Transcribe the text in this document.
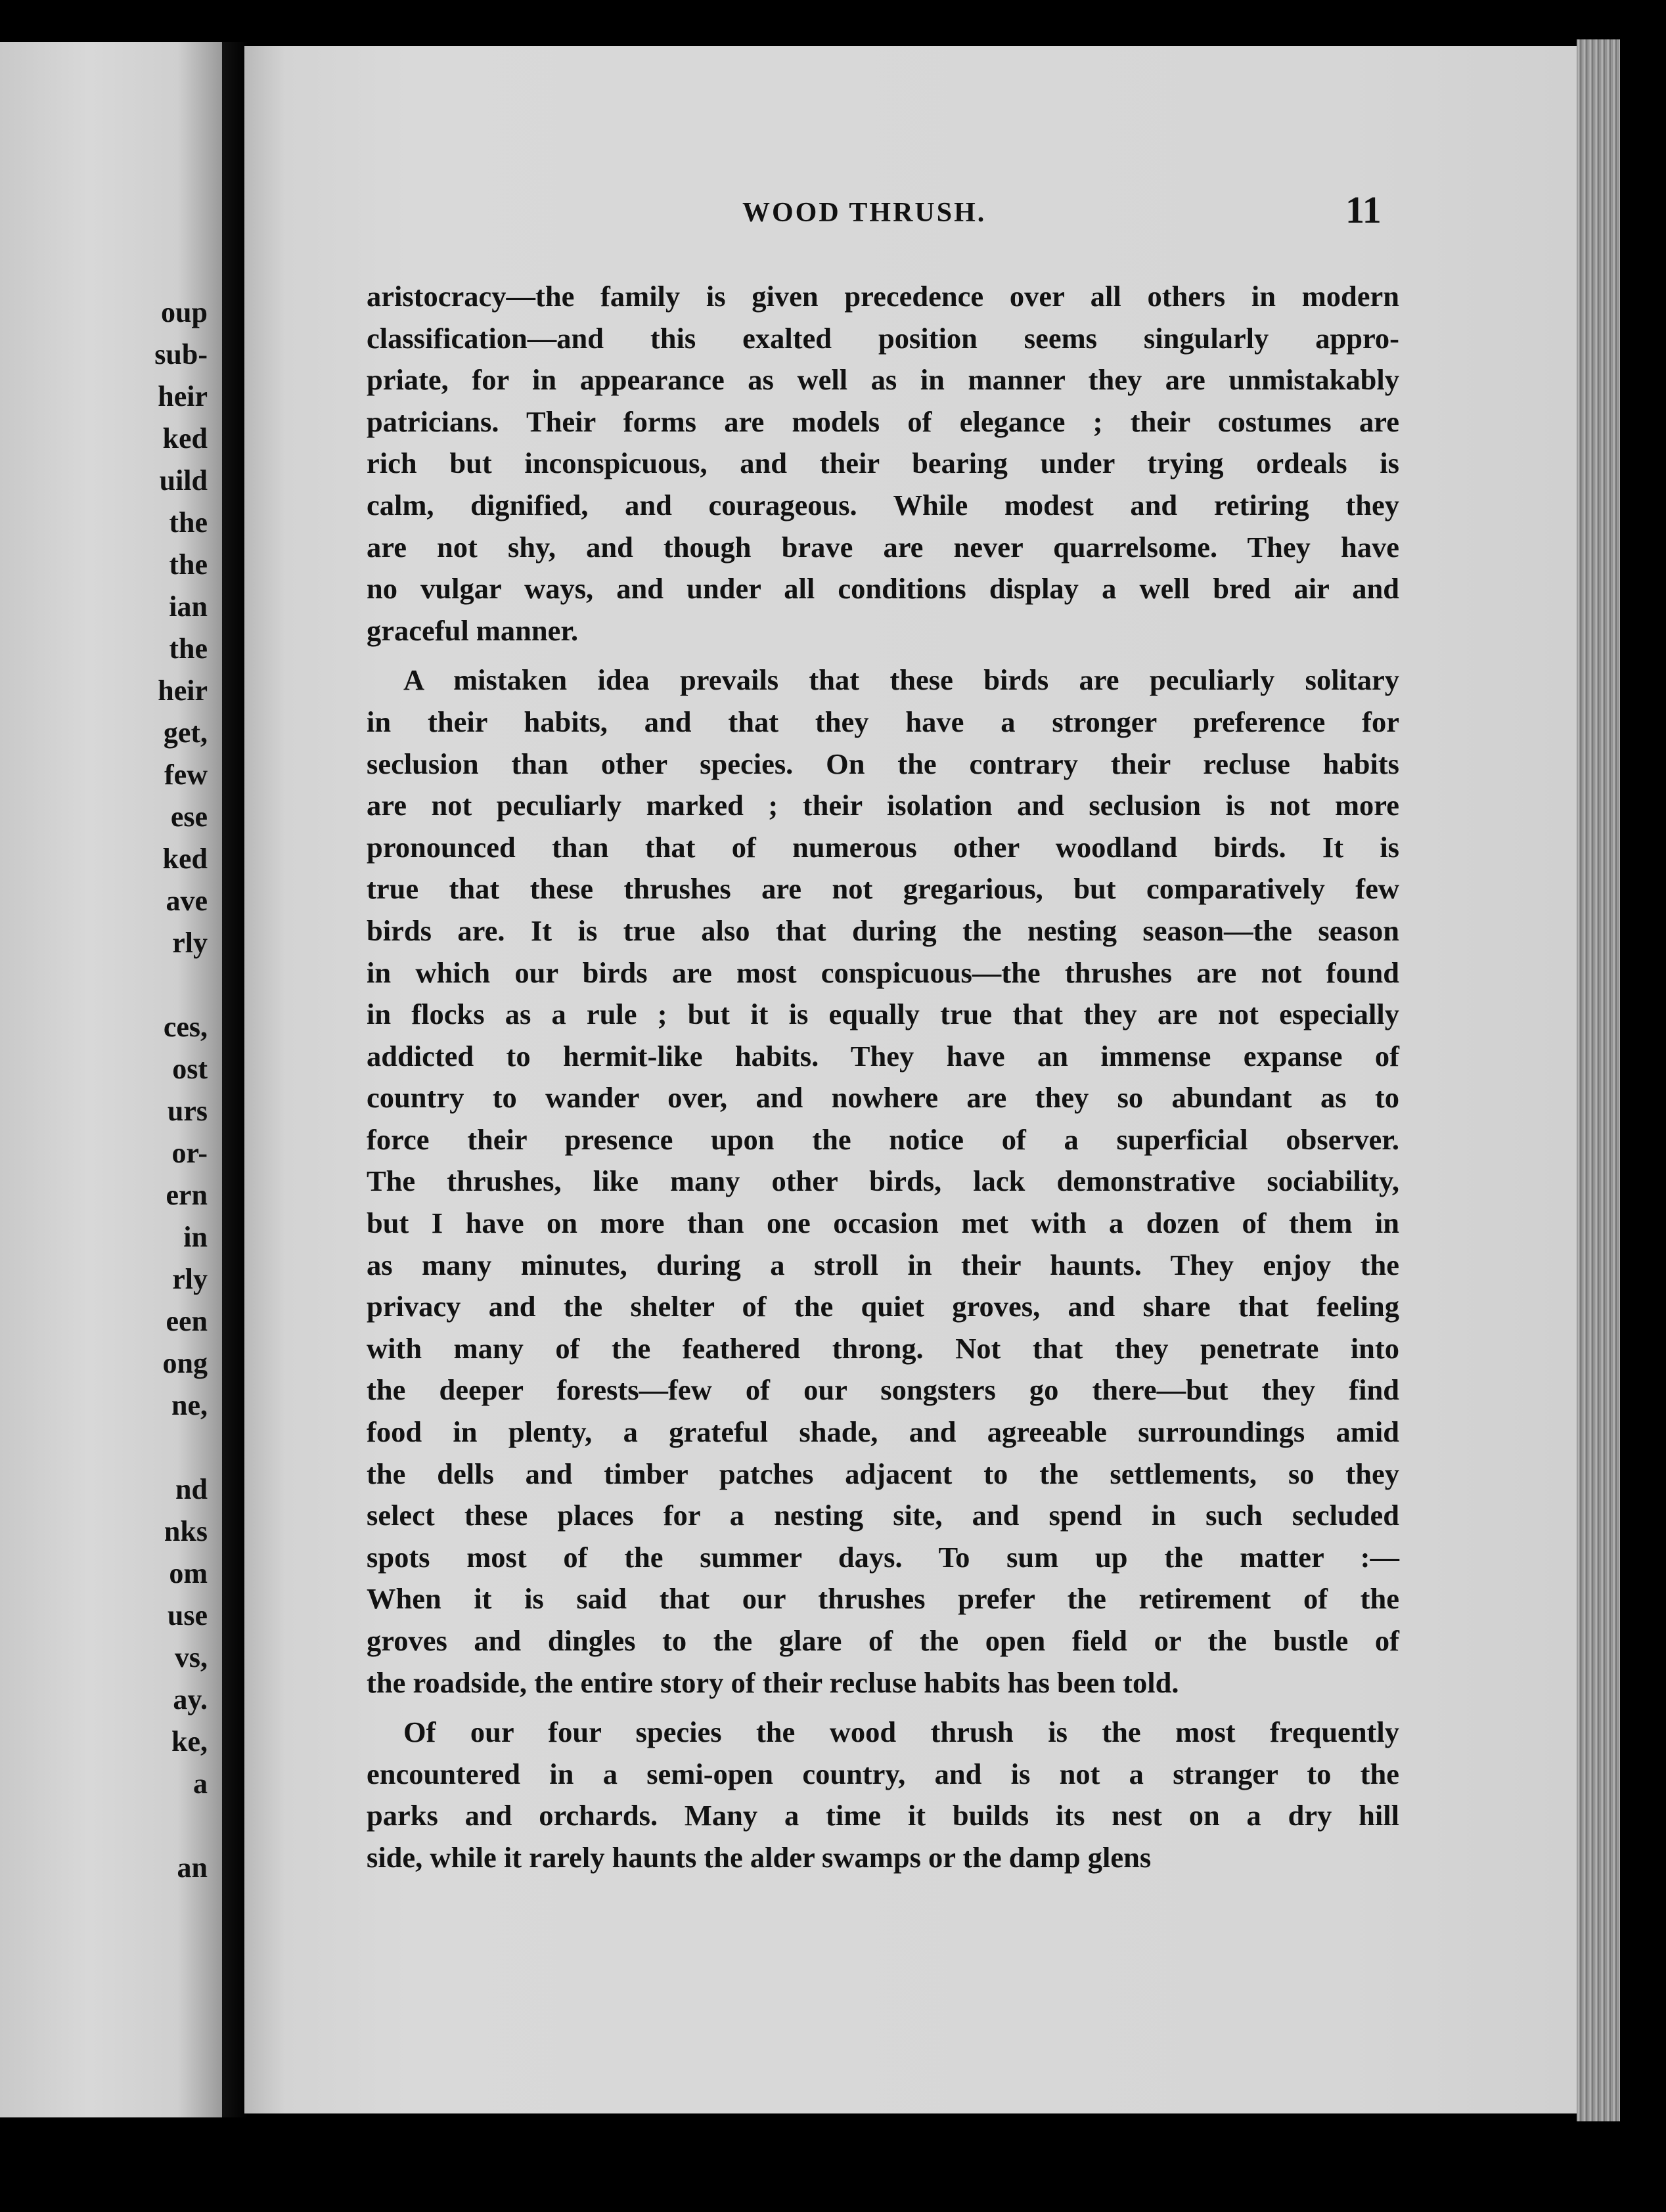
oup
sub-
heir
ked
uild
the
the
ian
the
heir
get,
few
ese
ked
ave
rly
ces,
ost
urs
or-
ern
in
rly
een
ong
ne,
nd
nks
om
use
vs,
ay.
ke,
a
an
WOOD THRUSH.	11
aristocracy—the family is given precedence over all others in modern
classification—and this exalted position seems singularly appro-
priate, for in appearance as well as in manner they are unmistakably
patricians. Their forms are models of elegance ; their costumes are
rich but inconspicuous, and their bearing under trying ordeals is
calm, dignified, and courageous. While modest and retiring they
are not shy, and though brave are never quarrelsome. They have
no vulgar ways, and under all conditions display a well bred air and
graceful manner.
A mistaken idea prevails that these birds are peculiarly solitary
in their habits, and that they have a stronger preference for
seclusion than other species. On the contrary their recluse habits
are not peculiarly marked ; their isolation and seclusion is not more
pronounced than that of numerous other woodland birds. It is
true that these thrushes are not gregarious, but comparatively few
birds are. It is true also that during the nesting season—the season
in which our birds are most conspicuous—the thrushes are not found
in flocks as a rule ; but it is equally true that they are not especially
addicted to hermit-like habits. They have an immense expanse of
country to wander over, and nowhere are they so abundant as to
force their presence upon the notice of a superficial observer.
The thrushes, like many other birds, lack demonstrative sociability,
but I have on more than one occasion met with a dozen of them in
as many minutes, during a stroll in their haunts. They enjoy the
privacy and the shelter of the quiet groves, and share that feeling
with many of the feathered throng. Not that they penetrate into
the deeper forests—few of our songsters go there—but they find
food in plenty, a grateful shade, and agreeable surroundings amid
the dells and timber patches adjacent to the settlements, so they
select these places for a nesting site, and spend in such secluded
spots most of the summer days. To sum up the matter :—
When it is said that our thrushes prefer the retirement of the
groves and dingles to the glare of the open field or the bustle of
the roadside, the entire story of their recluse habits has been told.
Of our four species the wood thrush is the most frequently
encountered in a semi-open country, and is not a stranger to the
parks and orchards. Many a time it builds its nest on a dry hill
side, while it rarely haunts the alder swamps or the damp glens
